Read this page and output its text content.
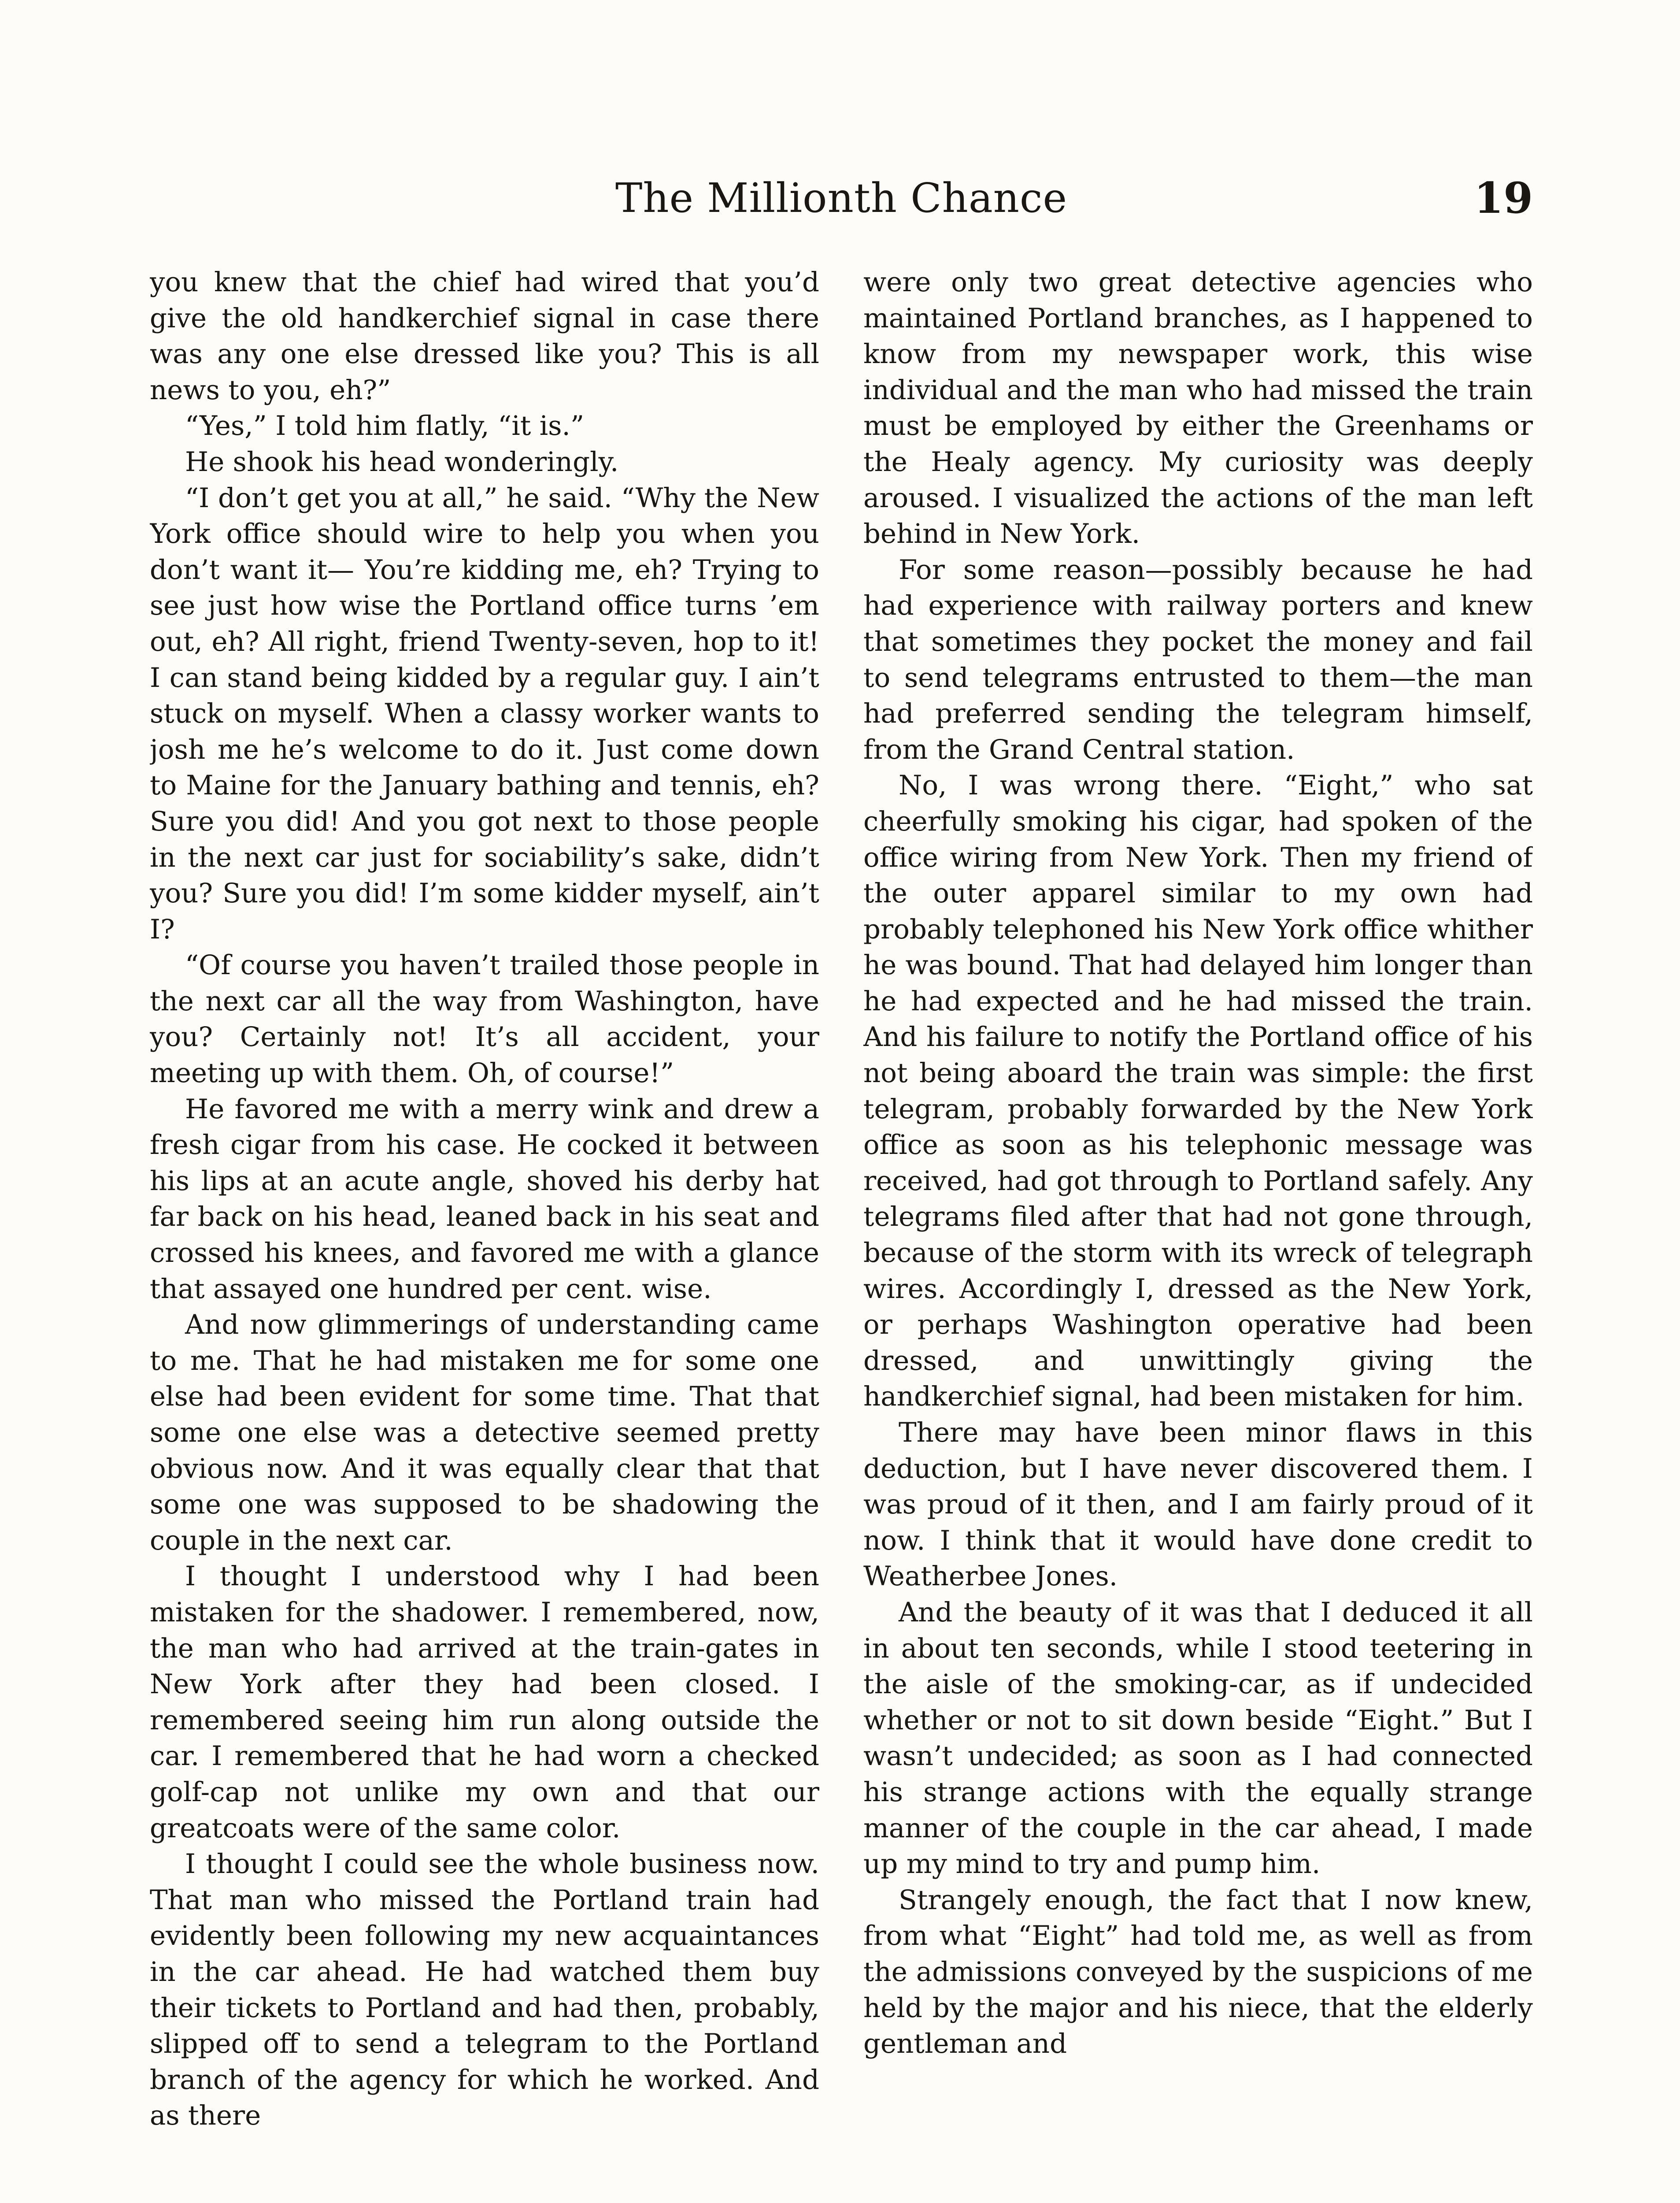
The Millionth Chance	19

you knew that the chief had wired that you’d give the old handkerchief signal in case there was any one else dressed like you? This is all news to you, eh?”

“Yes,” I told him flatly, “it is.”

He shook his head wonderingly.

“I don’t get you at all,” he said. “Why the New York office should wire to help you when you don’t want it— You’re kidding me, eh? Trying to see just how wise the Portland office turns ’em out, eh? All right, friend Twenty-seven, hop to it! I can stand being kidded by a regular guy. I ain’t stuck on myself. When a classy worker wants to josh me he’s welcome to do it. Just come down to Maine for the January bathing and tennis, eh? Sure you did! And you got next to those people in the next car just for sociability’s sake, didn’t you? Sure you did! I’m some kidder myself, ain’t I?

“Of course you haven’t trailed those people in the next car all the way from Washington, have you? Certainly not! It’s all accident, your meeting up with them. Oh, of course!”

He favored me with a merry wink and drew a fresh cigar from his case. He cocked it between his lips at an acute angle, shoved his derby hat far back on his head, leaned back in his seat and crossed his knees, and favored me with a glance that assayed one hundred per cent. wise.

And now glimmerings of understanding came to me. That he had mistaken me for some one else had been evident for some time. That that some one else was a detective seemed pretty obvious now. And it was equally clear that that some one was supposed to be shadowing the couple in the next car.

I thought I understood why I had been mistaken for the shadower. I remembered, now, the man who had arrived at the train-gates in New York after they had been closed. I remembered seeing him run along outside the car. I remembered that he had worn a checked golf-cap not unlike my own and that our greatcoats were of the same color.

I thought I could see the whole business now. That man who missed the Portland train had evidently been following my new acquaintances in the car ahead. He had watched them buy their tickets to Portland and had then, probably, slipped off to send a telegram to the Portland branch of the agency for which he worked. And as there

were only two great detective agencies who maintained Portland branches, as I happened to know from my newspaper work, this wise individual and the man who had missed the train must be employed by either the Greenhams or the Healy agency. My curiosity was deeply aroused. I visualized the actions of the man left behind in New York.

For some reason—possibly because he had had experience with railway porters and knew that sometimes they pocket the money and fail to send telegrams entrusted to them—the man had preferred sending the telegram himself, from the Grand Central station.

No, I was wrong there. “Eight,” who sat cheerfully smoking his cigar, had spoken of the office wiring from New York. Then my friend of the outer apparel similar to my own had probably telephoned his New York office whither he was bound. That had delayed him longer than he had expected and he had missed the train. And his failure to notify the Portland office of his not being aboard the train was simple: the first telegram, probably forwarded by the New York office as soon as his telephonic message was received, had got through to Portland safely. Any telegrams filed after that had not gone through, because of the storm with its wreck of telegraph wires. Accordingly I, dressed as the New York, or perhaps Washington operative had been dressed, and unwittingly giving the handkerchief signal, had been mistaken for him.

There may have been minor flaws in this deduction, but I have never discovered them. I was proud of it then, and I am fairly proud of it now. I think that it would have done credit to Weatherbee Jones.

And the beauty of it was that I deduced it all in about ten seconds, while I stood teetering in the aisle of the smoking-car, as if undecided whether or not to sit down beside “Eight.” But I wasn’t undecided; as soon as I had connected his strange actions with the equally strange manner of the couple in the car ahead, I made up my mind to try and pump him.

Strangely enough, the fact that I now knew, from what “Eight” had told me, as well as from the admissions conveyed by the suspicions of me held by the major and his niece, that the elderly gentleman and
